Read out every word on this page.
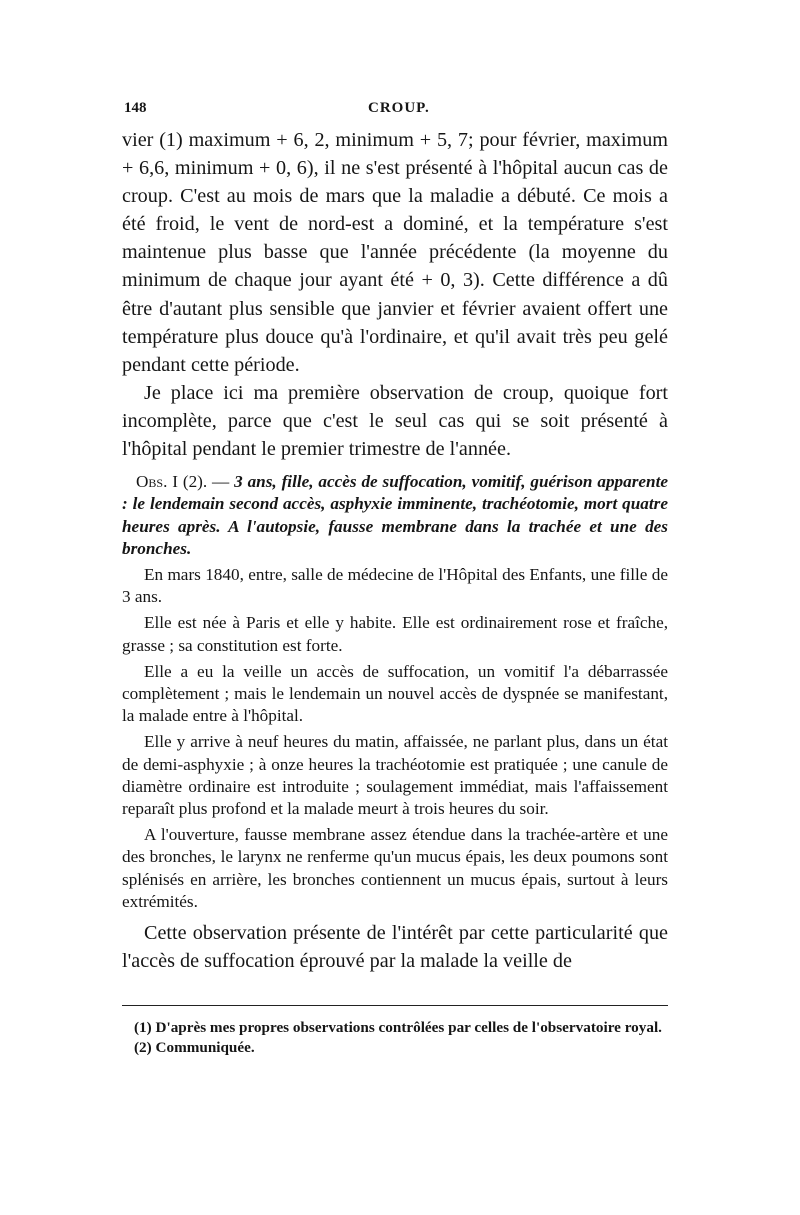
148	CROUP.

vier (1) maximum + 6, 2, minimum + 5, 7; pour février, maximum + 6,6, minimum + 0, 6), il ne s'est présenté à l'hôpital aucun cas de croup. C'est au mois de mars que la maladie a débuté. Ce mois a été froid, le vent de nord-est a dominé, et la température s'est maintenue plus basse que l'année précédente (la moyenne du minimum de chaque jour ayant été + 0, 3). Cette différence a dû être d'autant plus sensible que janvier et février avaient offert une température plus douce qu'à l'ordinaire, et qu'il avait très peu gelé pendant cette période.

Je place ici ma première observation de croup, quoique fort incomplète, parce que c'est le seul cas qui se soit présenté à l'hôpital pendant le premier trimestre de l'année.

Obs. I (2). — 3 ans, fille, accès de suffocation, vomitif, guérison apparente : le lendemain second accès, asphyxie imminente, trachéotomie, mort quatre heures après. A l'autopsie, fausse membrane dans la trachée et une des bronches.

En mars 1840, entre, salle de médecine de l'Hôpital des Enfants, une fille de 3 ans.

Elle est née à Paris et elle y habite. Elle est ordinairement rose et fraîche, grasse ; sa constitution est forte.

Elle a eu la veille un accès de suffocation, un vomitif l'a débarrassée complètement ; mais le lendemain un nouvel accès de dyspnée se manifestant, la malade entre à l'hôpital.

Elle y arrive à neuf heures du matin, affaissée, ne parlant plus, dans un état de demi-asphyxie ; à onze heures la trachéotomie est pratiquée ; une canule de diamètre ordinaire est introduite ; soulagement immédiat, mais l'affaissement reparaît plus profond et la malade meurt à trois heures du soir.

A l'ouverture, fausse membrane assez étendue dans la trachée-artère et une des bronches, le larynx ne renferme qu'un mucus épais, les deux poumons sont splénisés en arrière, les bronches contiennent un mucus épais, surtout à leurs extrémités.

Cette observation présente de l'intérêt par cette particularité que l'accès de suffocation éprouvé par la malade la veille de

(1) D'après mes propres observations contrôlées par celles de l'observatoire royal.

(2) Communiquée.
